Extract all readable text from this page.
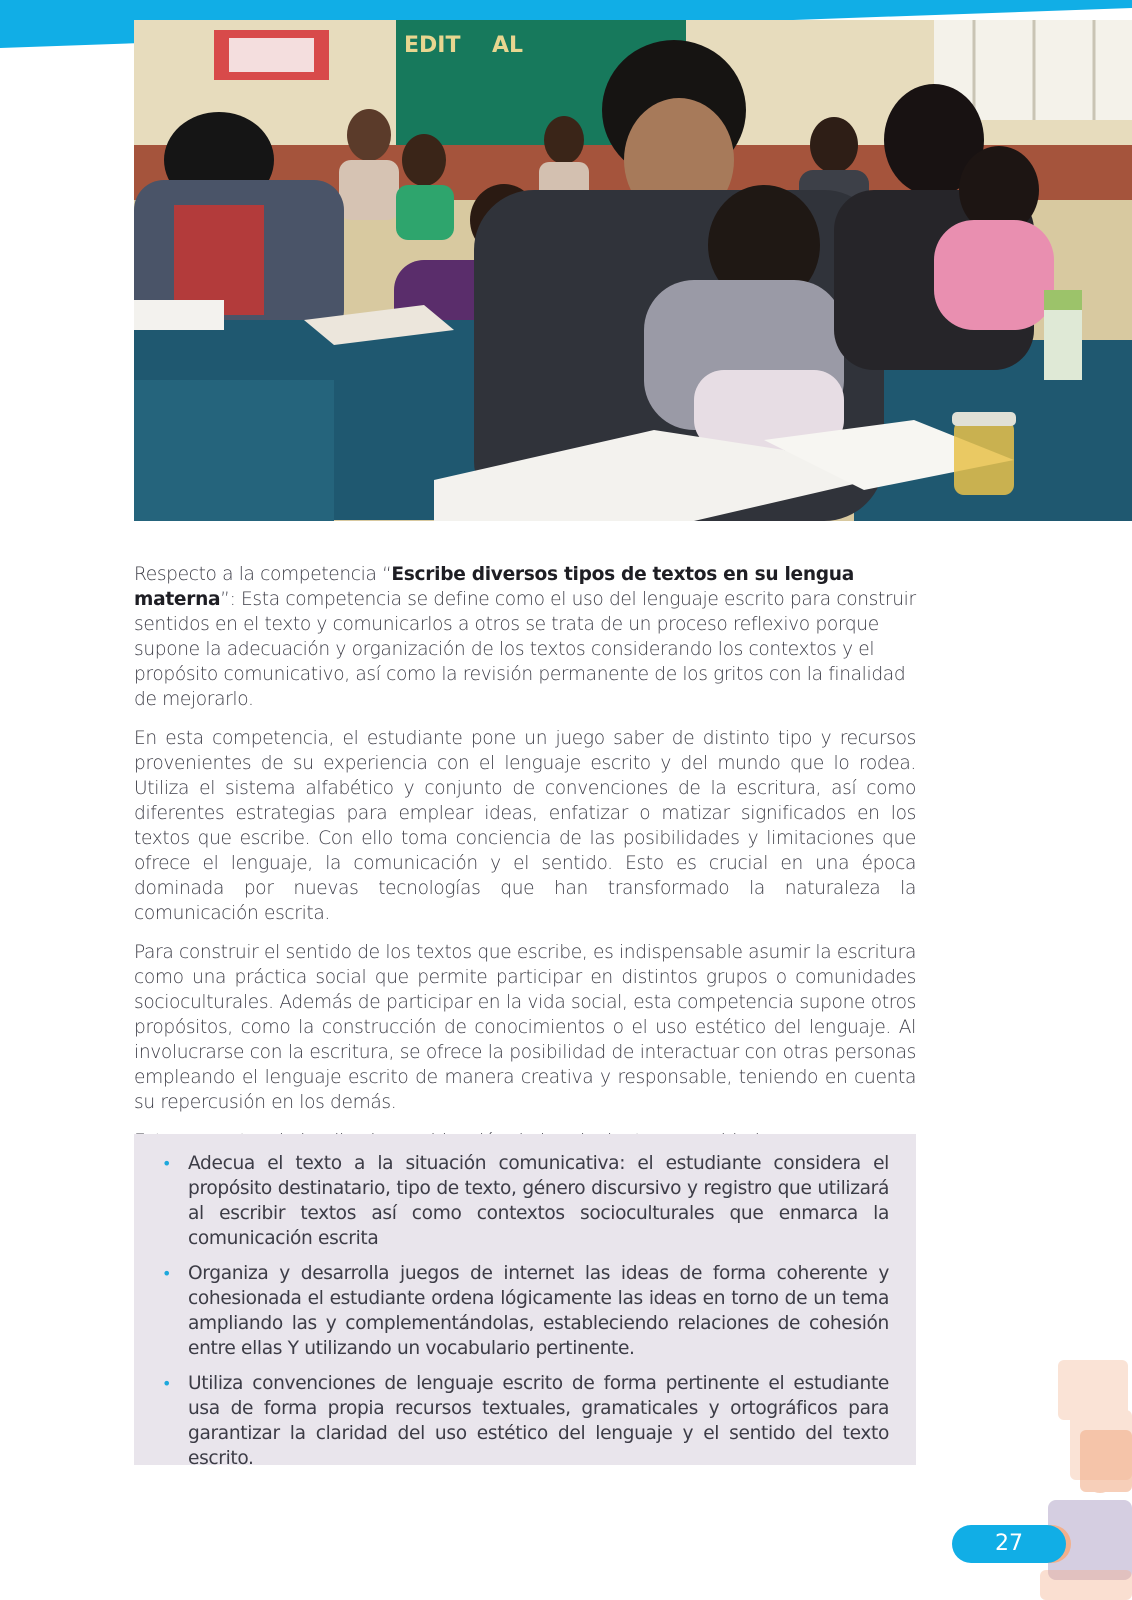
EDIT AL

Respecto a la competencia “Escribe diversos tipos de textos en su lengua materna”: Esta competencia se define como el uso del lenguaje escrito para construir sentidos en el texto y comunicarlos a otros se trata de un proceso reflexivo porque supone la adecuación y organización de los textos considerando los contextos y el propósito comunicativo, así como la revisión permanente de los gritos con la finalidad de mejorarlo.

En esta competencia, el estudiante pone un juego saber de distinto tipo y recursos provenientes de su experiencia con el lenguaje escrito y del mundo que lo rodea. Utiliza el sistema alfabético y conjunto de convenciones de la escritura, así como diferentes estrategias para emplear ideas, enfatizar o matizar significados en los textos que escribe. Con ello toma conciencia de las posibilidades y limitaciones que ofrece el lenguaje, la comunicación y el sentido. Esto es crucial en una época dominada por nuevas tecnologías que han transformado la naturaleza la comunicación escrita.

Para construir el sentido de los textos que escribe, es indispensable asumir la escritura como una práctica social que permite participar en distintos grupos o comunidades socioculturales. Además de participar en la vida social, esta competencia supone otros propósitos, como la construcción de conocimientos o el uso estético del lenguaje. Al involucrarse con la escritura, se ofrece la posibilidad de interactuar con otras personas empleando el lenguaje escrito de manera creativa y responsable, teniendo en cuenta su repercusión en los demás.

• Adecua el texto a la situación comunicativa: el estudiante considera el propósito destinatario, tipo de texto, género discursivo y registro que utilizará al escribir textos así como contextos socioculturales que enmarca la comunicación escrita
• Organiza y desarrolla juegos de internet las ideas de forma coherente y cohesionada el estudiante ordena lógicamente las ideas en torno de un tema ampliando las y complementándolas, estableciendo relaciones de cohesión entre ellas Y utilizando un vocabulario pertinente.
• Utiliza convenciones de lenguaje escrito de forma pertinente el estudiante usa de forma propia recursos textuales, gramaticales y ortográficos para garantizar la claridad del uso estético del lenguaje y el sentido del texto escrito.
27
